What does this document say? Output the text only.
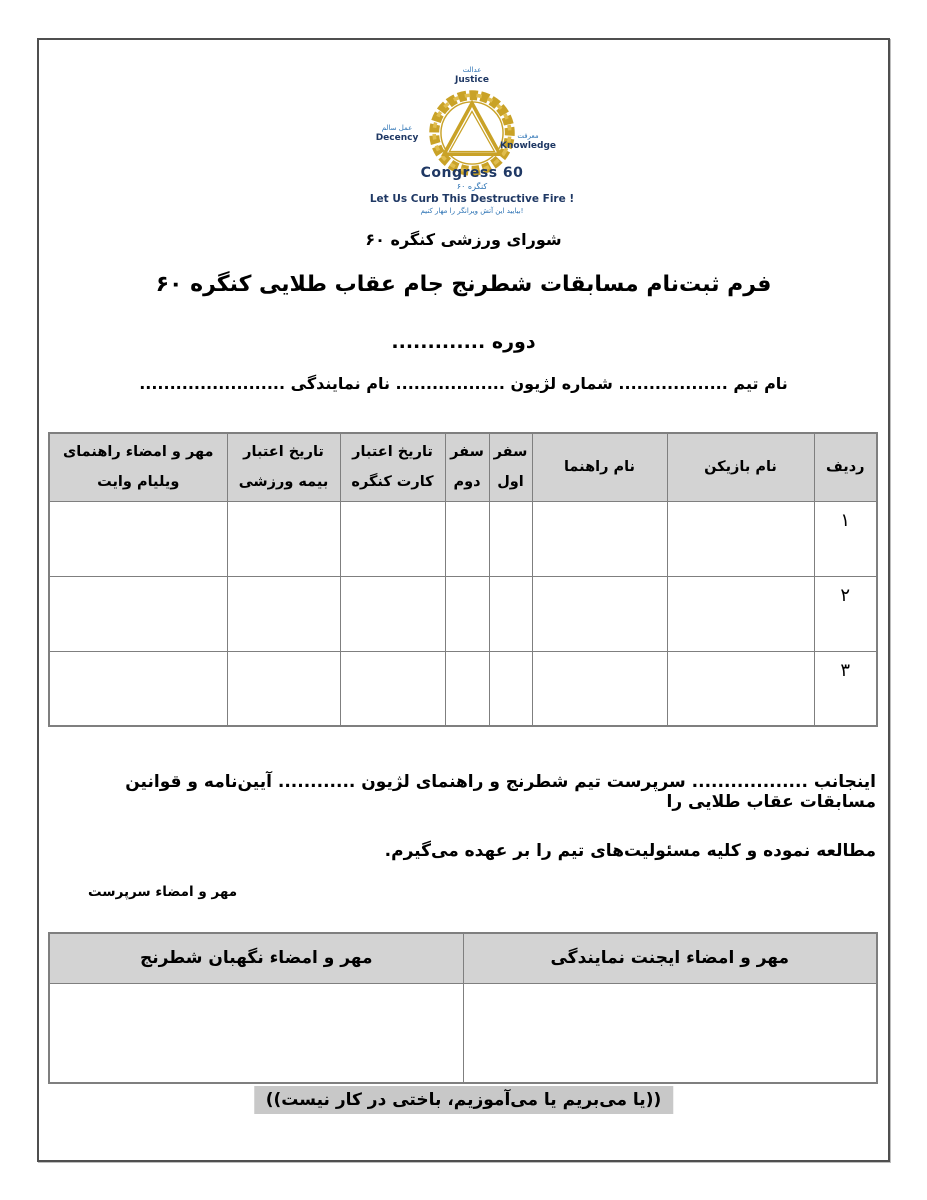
عدالت
Justice
عمل سالم
Decency	معرفت
Knowledge
Congress 60
کنگره ۶۰
Let Us Curb This Destructive Fire !
بیایید این آتش ویرانگر را مهار کنیم!
شورای ورزشی کنگره ۶۰
فرم ثبت‌نام مسابقات شطرنج جام عقاب طلایی کنگره ۶۰
دوره .............
نام تیم .................. شماره لژیون .................. نام نمایندگی ........................
ردیف	نام بازیکن	نام راهنما	سفر اول	سفر دوم	تاریخ اعتبار کارت کنگره	تاریخ اعتبار بیمه ورزشی	مهر و امضاء راهنمای ویلیام وایت
۱							
۲							
۳							
اینجانب .................. سرپرست تیم شطرنج و راهنمای لژیون ............ آیین‌نامه و قوانین مسابقات عقاب طلایی را
مطالعه نموده و کلیه مسئولیت‌های تیم را بر عهده می‌گیرم.
مهر و امضاء سرپرست
مهر و امضاء ایجنت نمایندگی	مهر و امضاء نگهبان شطرنج

((یا می‌بریم یا می‌آموزیم، باختی در کار نیست))
